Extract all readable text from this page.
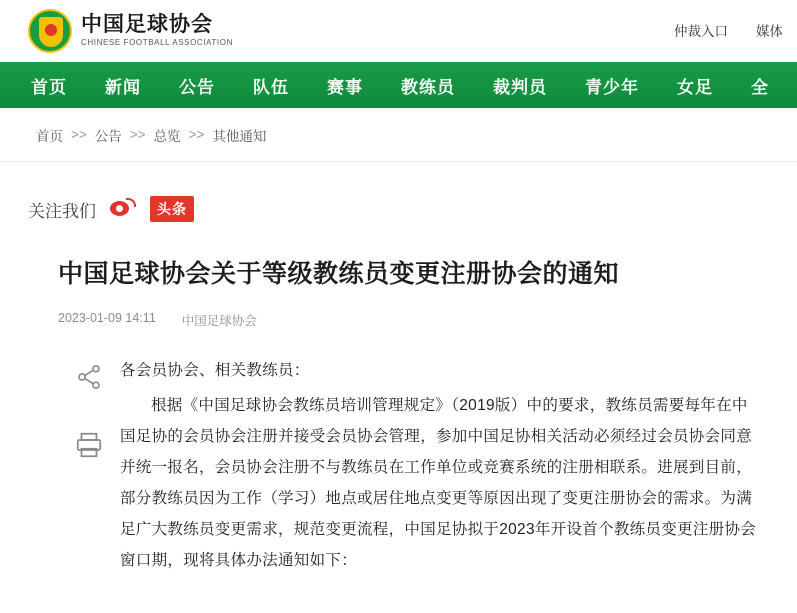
中国足球协会
CHINESE FOOTBALL ASSOCIATION
仲裁入口 媒体
首页	新闻	公告	队伍	赛事	教练员	裁判员	青少年	女足	全
首页 >> 公告 >> 总览 >> 其他通知
关注我们	头条
中国足球协会关于等级教练员变更注册协会的通知
2023-01-09 14:11 中国足球协会

各会员协会、相关教练员：

根据《中国足球协会教练员培训管理规定》（2019版）中的要求，教练员需要每年在中国足协的会员协会注册并接受会员协会管理，参加中国足协相关活动必须经过会员协会同意并统一报名，会员协会注册不与教练员在工作单位或竞赛系统的注册相联系。进展到目前，部分教练员因为工作（学习）地点或居住地点变更等原因出现了变更注册协会的需求。为满足广大教练员变更需求，规范变更流程，中国足协拟于2023年开设首个教练员变更注册协会窗口期，现将具体办法通知如下：
